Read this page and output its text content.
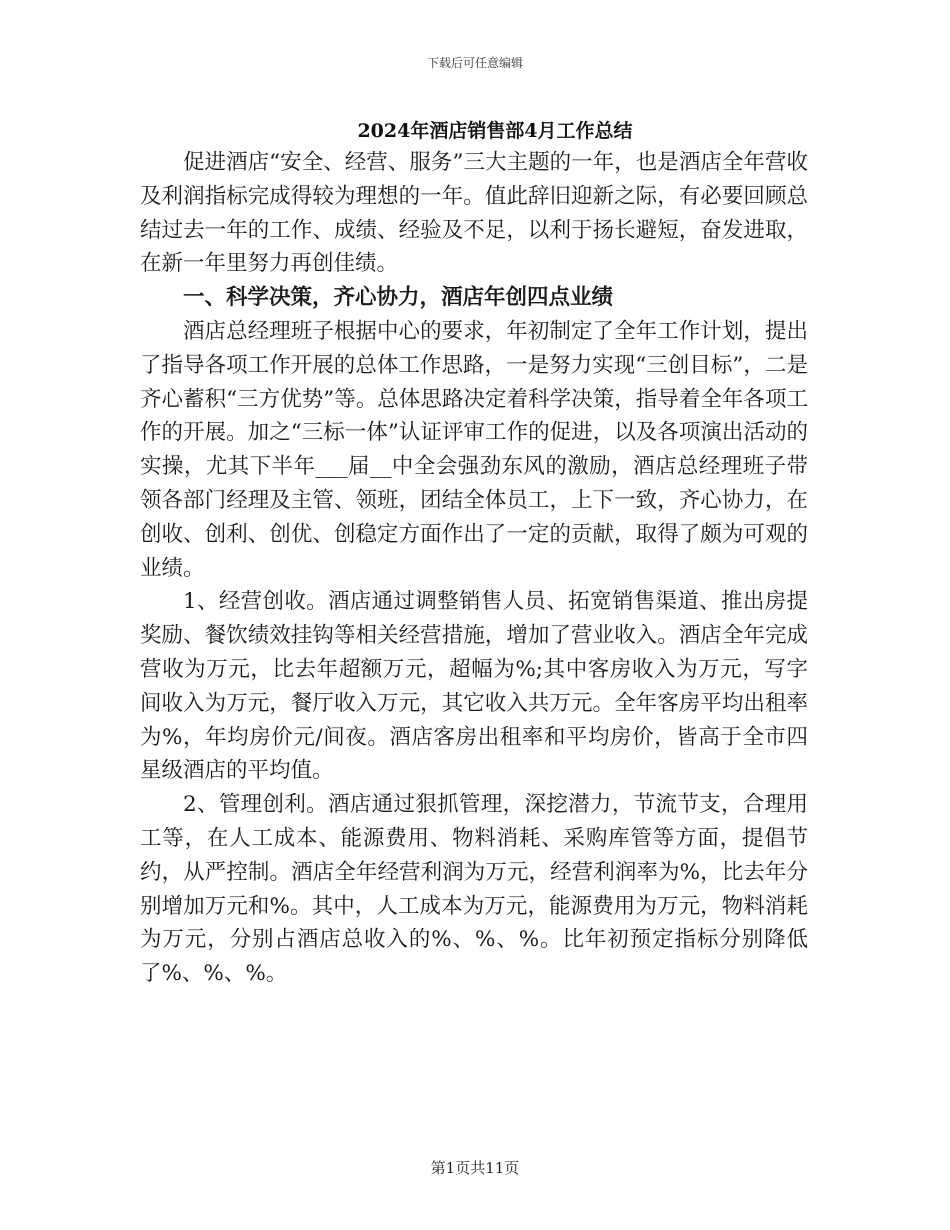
下载后可任意编辑
2024年酒店销售部4月工作总结

促进酒店“安全、经营、服务”三大主题的一年，也是酒店全年营收及利润指标完成得较为理想的一年。值此辞旧迎新之际，有必要回顾总结过去一年的工作、成绩、经验及不足，以利于扬长避短，奋发进取，在新一年里努力再创佳绩。

一、科学决策，齐心协力，酒店年创四点业绩

酒店总经理班子根据中心的要求，年初制定了全年工作计划，提出了指导各项工作开展的总体工作思路，一是努力实现“三创目标”，二是齐心蓄积“三方优势”等。总体思路决定着科学决策，指导着全年各项工作的开展。加之“三标一体”认证评审工作的促进，以及各项演出活动的实操，尤其下半年___届__中全会强劲东风的激励，酒店总经理班子带领各部门经理及主管、领班，团结全体员工，上下一致，齐心协力，在创收、创利、创优、创稳定方面作出了一定的贡献，取得了颇为可观的业绩。

1、经营创收。酒店通过调整销售人员、拓宽销售渠道、推出房提奖励、餐饮绩效挂钩等相关经营措施，增加了营业收入。酒店全年完成营收为万元，比去年超额万元，超幅为%;其中客房收入为万元，写字间收入为万元，餐厅收入万元，其它收入共万元。全年客房平均出租率为%，年均房价元/间夜。酒店客房出租率和平均房价，皆高于全市四星级酒店的平均值。

2、管理创利。酒店通过狠抓管理，深挖潜力，节流节支，合理用工等，在人工成本、能源费用、物料消耗、采购库管等方面，提倡节约，从严控制。酒店全年经营利润为万元，经营利润率为%，比去年分别增加万元和%。其中，人工成本为万元，能源费用为万元，物料消耗为万元，分别占酒店总收入的%、%、%。比年初预定指标分别降低了%、%、%。

第1页共11页
